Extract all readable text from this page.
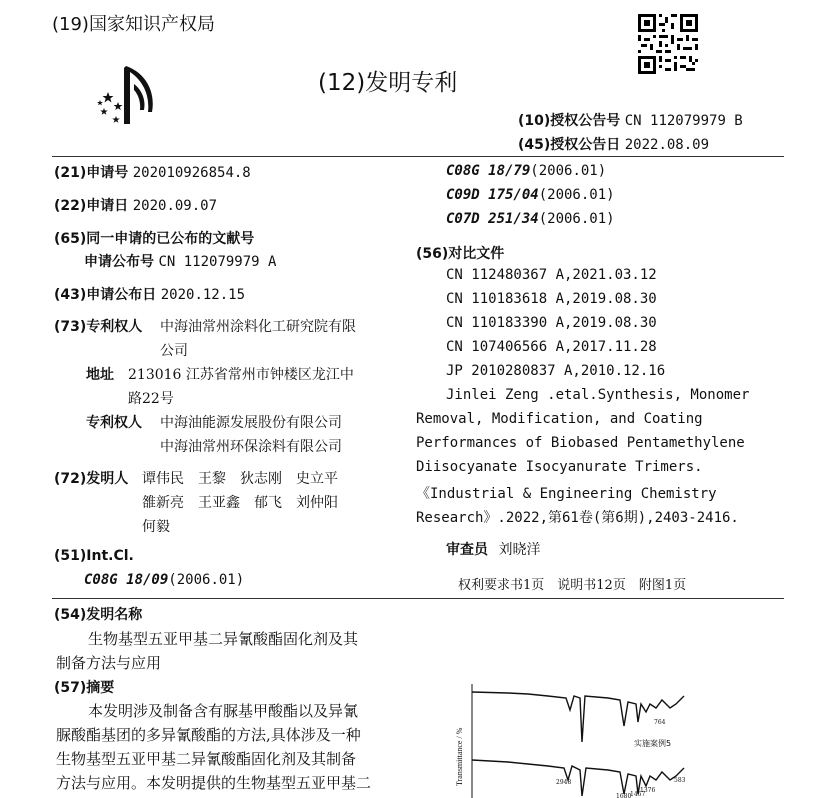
(19)国家知识产权局
(12)发明专利
(10)授权公告号 CN 112079979 B
(45)授权公告日 2022.08.09
(21)申请号 202010926854.8
(22)申请日 2020.09.07
(65)同一申请的已公布的文献号
申请公布号 CN 112079979 A
(43)申请公布日 2020.12.15
(73)专利权人 中海油常州涂料化工研究院有限
公司
地址 213016 江苏省常州市钟楼区龙江中
路22号
专利权人 中海油能源发展股份有限公司
中海油常州环保涂料有限公司
(72)发明人 谭伟民　王黎　狄志刚　史立平
雒新亮　王亚鑫　郁飞　刘仲阳
何毅
(51)Int.Cl.
C08G 18/09(2006.01)
C08G 18/79(2006.01)
C09D 175/04(2006.01)
C07D 251/34(2006.01)
(56)对比文件
CN 112480367 A,2021.03.12
CN 110183618 A,2019.08.30
CN 110183390 A,2019.08.30
CN 107406566 A,2017.11.28
JP 2010280837 A,2010.12.16
Jinlei Zeng .etal.Synthesis, Monomer
Removal, Modification, and Coating
Performances of Biobased Pentamethylene
Diisocyanate Isocyanurate Trimers.
《Industrial & Engineering Chemistry
Research》.2022,第61卷(第6期),2403-2416.
审查员 刘晓洋
权利要求书1页　说明书12页　附图1页
(54)发明名称
生物基型五亚甲基二异氰酸酯固化剂及其
制备方法与应用
(57)摘要
本发明涉及制备含有脲基甲酸酯以及异氰
脲酸酯基团的多异氰酸酯的方法,具体涉及一种
生物基型五亚甲基二异氰酸酯固化剂及其制备
方法与应用。本发明提供的生物基型五亚甲基二	Transmittance / %
764
实施案例5
2948
1680
1467
1376
583
